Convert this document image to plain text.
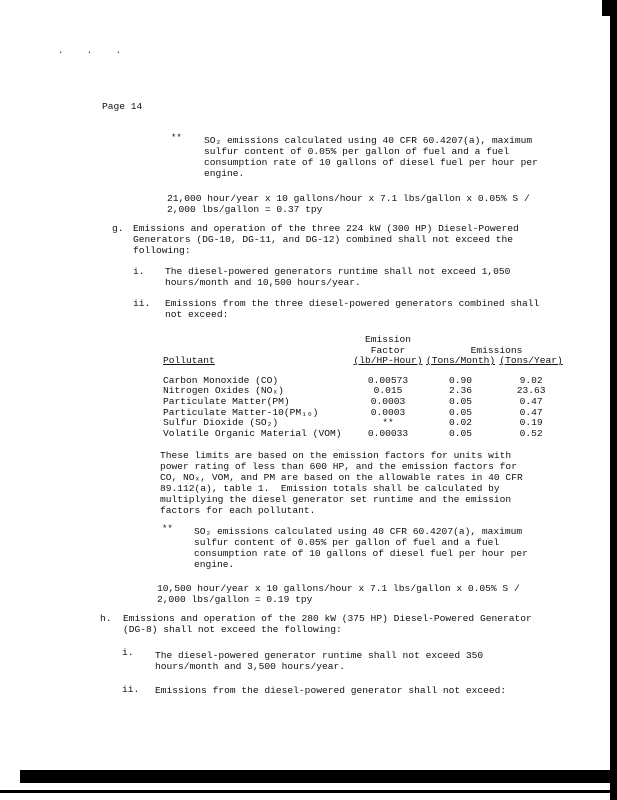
. . .
Page 14
** SO₂ emissions calculated using 40 CFR 60.4207(a), maximum
sulfur content of 0.05% per gallon of fuel and a fuel
consumption rate of 10 gallons of diesel fuel per hour per
engine.
21,000 hour/year x 10 gallons/hour x 7.1 lbs/gallon x 0.05% S /
2,000 lbs/gallon = 0.37 tpy
g. Emissions and operation of the three 224 kW (300 HP) Diesel-Powered
Generators (DG-10, DG-11, and DG-12) combined shall not exceed the
following:
i. The diesel-powered generators runtime shall not exceed 1,050
hours/month and 10,500 hours/year.
ii. Emissions from the three diesel-powered generators combined shall
not exceed:
	Emission		
	Factor	Emissions	
Pollutant	(lb/HP-Hour)	(Tons/Month)	(Tons/Year)

Carbon Monoxide (CO)	0.00573	0.90	9.02
Nitrogen Oxides (NOₓ)	0.015	2.36	23.63
Particulate Matter(PM)	0.0003	0.05	0.47
Particulate Matter-10(PM₁₀)	0.0003	0.05	0.47
Sulfur Dioxide (SO₂)	**	0.02	0.19
Volatile Organic Material (VOM)	0.00033	0.05	0.52
These limits are based on the emission factors for units with
power rating of less than 600 HP, and the emission factors for
CO, NOₓ, VOM, and PM are based on the allowable rates in 40 CFR
89.112(a), table 1.  Emission totals shall be calculated by
multiplying the diesel generator set runtime and the emission
factors for each pollutant.
** SO₂ emissions calculated using 40 CFR 60.4207(a), maximum
sulfur content of 0.05% per gallon of fuel and a fuel
consumption rate of 10 gallons of diesel fuel per hour per
engine.
10,500 hour/year x 10 gallons/hour x 7.1 lbs/gallon x 0.05% S /
2,000 lbs/gallon = 0.19 tpy
h. Emissions and operation of the 280 kW (375 HP) Diesel-Powered Generator
(DG-8) shall not exceed the following:
i. The diesel-powered generator runtime shall not exceed 350
hours/month and 3,500 hours/year.
ii. Emissions from the diesel-powered generator shall not exceed:
